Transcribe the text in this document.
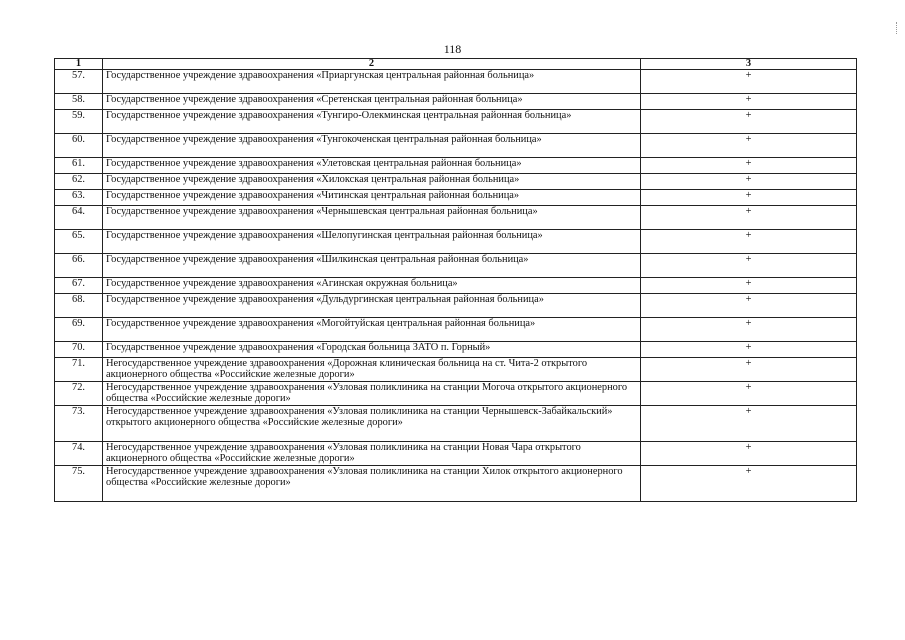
118
1	2	3
57.	Государственное учреждение здравоохранения «Приаргунская центральная районная больница»	+
58.	Государственное учреждение здравоохранения «Сретенская центральная районная больница»	+
59.	Государственное учреждение здравоохранения «Тунгиро-Олекминская центральная районная больница»	+
60.	Государственное учреждение здравоохранения «Тунгокоченская центральная районная больница»	+
61.	Государственное учреждение здравоохранения «Улетовская центральная районная больница»	+
62.	Государственное учреждение здравоохранения «Хилокская центральная районная больница»	+
63.	Государственное учреждение здравоохранения «Читинская центральная районная больница»	+
64.	Государственное учреждение здравоохранения «Чернышевская центральная районная больница»	+
65.	Государственное учреждение здравоохранения «Шелопугинская центральная районная больница»	+
66.	Государственное учреждение здравоохранения «Шилкинская центральная районная больница»	+
67.	Государственное учреждение здравоохранения «Агинская окружная больница»	+
68.	Государственное учреждение здравоохранения «Дульдургинская центральная районная больница»	+
69.	Государственное учреждение здравоохранения «Могойтуйская центральная районная больница»	+
70.	Государственное учреждение здравоохранения «Городская больница ЗАТО п. Горный»	+
71.	Негосударственное учреждение здравоохранения «Дорожная клиническая больница на ст. Чита-2 открытого акционерного общества «Российские железные дороги»	+
72.	Негосударственное учреждение здравоохранения «Узловая поликлиника на станции Могоча открытого акционерного общества «Российские железные дороги»	+
73.	Негосударственное учреждение здравоохранения «Узловая поликлиника на станции Чернышевск-Забайкальский» открытого акционерного общества «Российские железные дороги»	+
74.	Негосударственное учреждение здравоохранения «Узловая поликлиника на станции Новая Чара открытого акционерного общества «Российские железные дороги»	+
75.	Негосударственное учреждение здравоохранения «Узловая поликлиника на станции Хилок открытого акционерного общества «Российские железные дороги»	+
